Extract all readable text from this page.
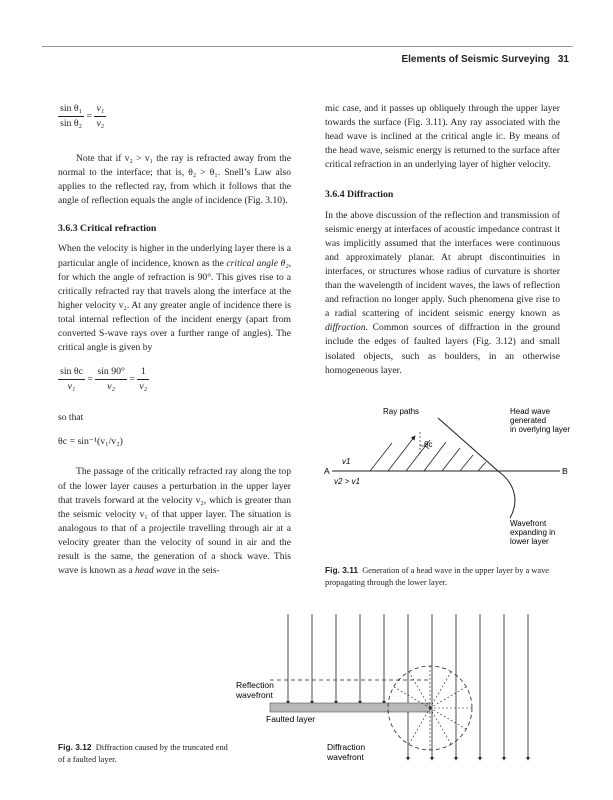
Elements of Seismic Surveying 31
$\frac{\text{sin θ₁}}{\text{sin θ₂}} = \frac{\text{v₁}}{\text{v₂}}$

Note that if v₂ > v₁ the ray is refracted away from the normal to the interface; that is, θ₂ > θ₁. Snell’s Law also applies to the reflected ray, from which it follows that the angle of reflection equals the angle of incidence (Fig. 3.10).

3.6.3 Critical refraction

When the velocity is higher in the underlying layer there is a particular angle of incidence, known as the critical angle θ₂, for which the angle of refraction is 90°. This gives rise to a critically refracted ray that travels along the interface at the higher velocity v₂. At any greater angle of incidence there is total internal reflection of the incident energy (apart from converted S-wave rays over a further range of angles). The critical angle is given by

$\frac{\text{sin θc}}{\text{v₁}} = \frac{\sin 90^\circ}{\text{v₂}} = \frac{1}{\text{v₂}}$

so that

θc = sin⁻¹(v₁/v₂)

The passage of the critically refracted ray along the top of the lower layer causes a perturbation in the upper layer that travels forward at the velocity v₂, which is greater than the seismic velocity v₁ of that upper layer. The situation is analogous to that of a projectile travelling through air at a velocity greater than the velocity of sound in air and the result is the same, the generation of a shock wave. This wave is known as a head wave in the seis-

mic case, and it passes up obliquely through the upper layer towards the surface (Fig. 3.11). Any ray associated with the head wave is inclined at the critical angle iᴄ. By means of the head wave, seismic energy is returned to the surface after critical refraction in an underlying layer of higher velocity.

3.6.4 Diffraction

In the above discussion of the reflection and transmission of seismic energy at interfaces of acoustic impedance contrast it was implicitly assumed that the interfaces were continuous and approximately planar. At abrupt discontinuities in interfaces, or structures whose radius of curvature is shorter than the wavelength of incident waves, the laws of reflection and refraction no longer apply. Such phenomena give rise to a radial scattering of incident seismic energy known as diffraction. Common sources of diffraction in the ground include the edges of faulted layers (Fig. 3.12) and small isolated objects, such as boulders, in an otherwise homogeneous layer.

Ray paths	Head wave
generated
in overlying layer
θc
v1
v2 > v1
A	B
Wavefront
expanding in
lower layer
Fig. 3.11 Generation of a head wave in the upper layer by a wave propagating through the lower layer.
Reflection
wavefront
Faulted layer
Diffraction
wavefront
Fig. 3.12 Diffraction caused by the truncated end of a faulted layer.
